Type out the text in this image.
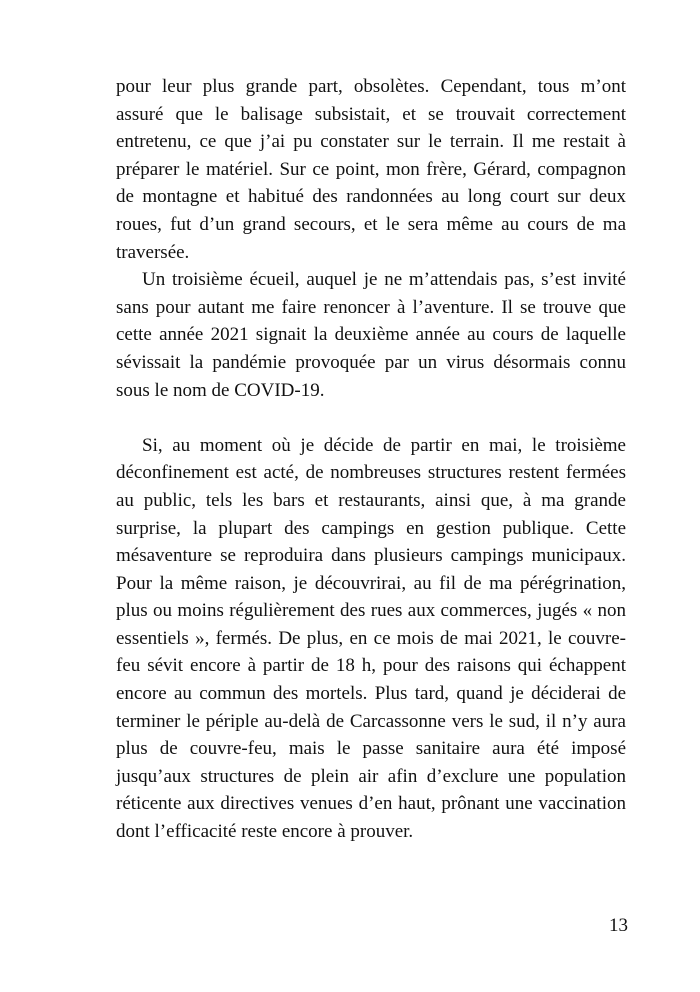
pour leur plus grande part, obsolètes. Cependant, tous m’ont assuré que le balisage subsistait, et se trouvait correctement entretenu, ce que j’ai pu constater sur le terrain. Il me restait à préparer le matériel. Sur ce point, mon frère, Gérard, compagnon de montagne et habitué des randonnées au long court sur deux roues, fut d’un grand secours, et le sera même au cours de ma traversée.

Un troisième écueil, auquel je ne m’attendais pas, s’est invité sans pour autant me faire renoncer à l’aventure. Il se trouve que cette année 2021 signait la deuxième année au cours de laquelle sévissait la pandémie provoquée par un virus désormais connu sous le nom de COVID-19.

Si, au moment où je décide de partir en mai, le troisième déconfinement est acté, de nombreuses structures restent fermées au public, tels les bars et restaurants, ainsi que, à ma grande surprise, la plupart des campings en gestion publique. Cette mésaventure se reproduira dans plusieurs campings municipaux. Pour la même raison, je découvrirai, au fil de ma pérégrination, plus ou moins régulièrement des rues aux commerces, jugés « non essentiels », fermés. De plus, en ce mois de mai 2021, le couvre-feu sévit encore à partir de 18 h, pour des raisons qui échappent encore au commun des mortels. Plus tard, quand je déciderai de terminer le périple au-delà de Carcassonne vers le sud, il n’y aura plus de couvre-feu, mais le passe sanitaire aura été imposé jusqu’aux structures de plein air afin d’exclure une population réticente aux directives venues d’en haut, prônant une vaccination dont l’efficacité reste encore à prouver.

13
